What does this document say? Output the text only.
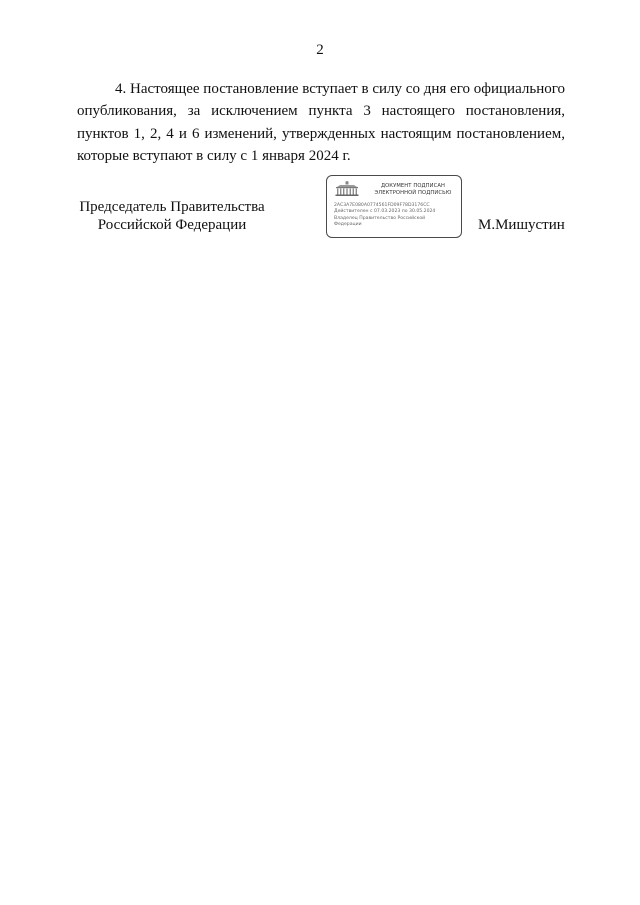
2

4. Настоящее постановление вступает в силу со дня его официального опубликования, за исключением пункта 3 настоящего постановления, пунктов 1, 2, 4 и 6 изменений, утвержденных настоящим постановлением, которые вступают в силу с 1 января 2024 г.

Председатель Правительства
Российской Федерации
ДОКУМЕНТ ПОДПИСАН
ЭЛЕКТРОННОЙ ПОДПИСЬЮ
2AC3A7E080A0774561FD09F78D3176CC
Действителен с 07.03.2023 по 30.05.2024
Владелец Правительство Российской
Федерации	М.Мишустин
